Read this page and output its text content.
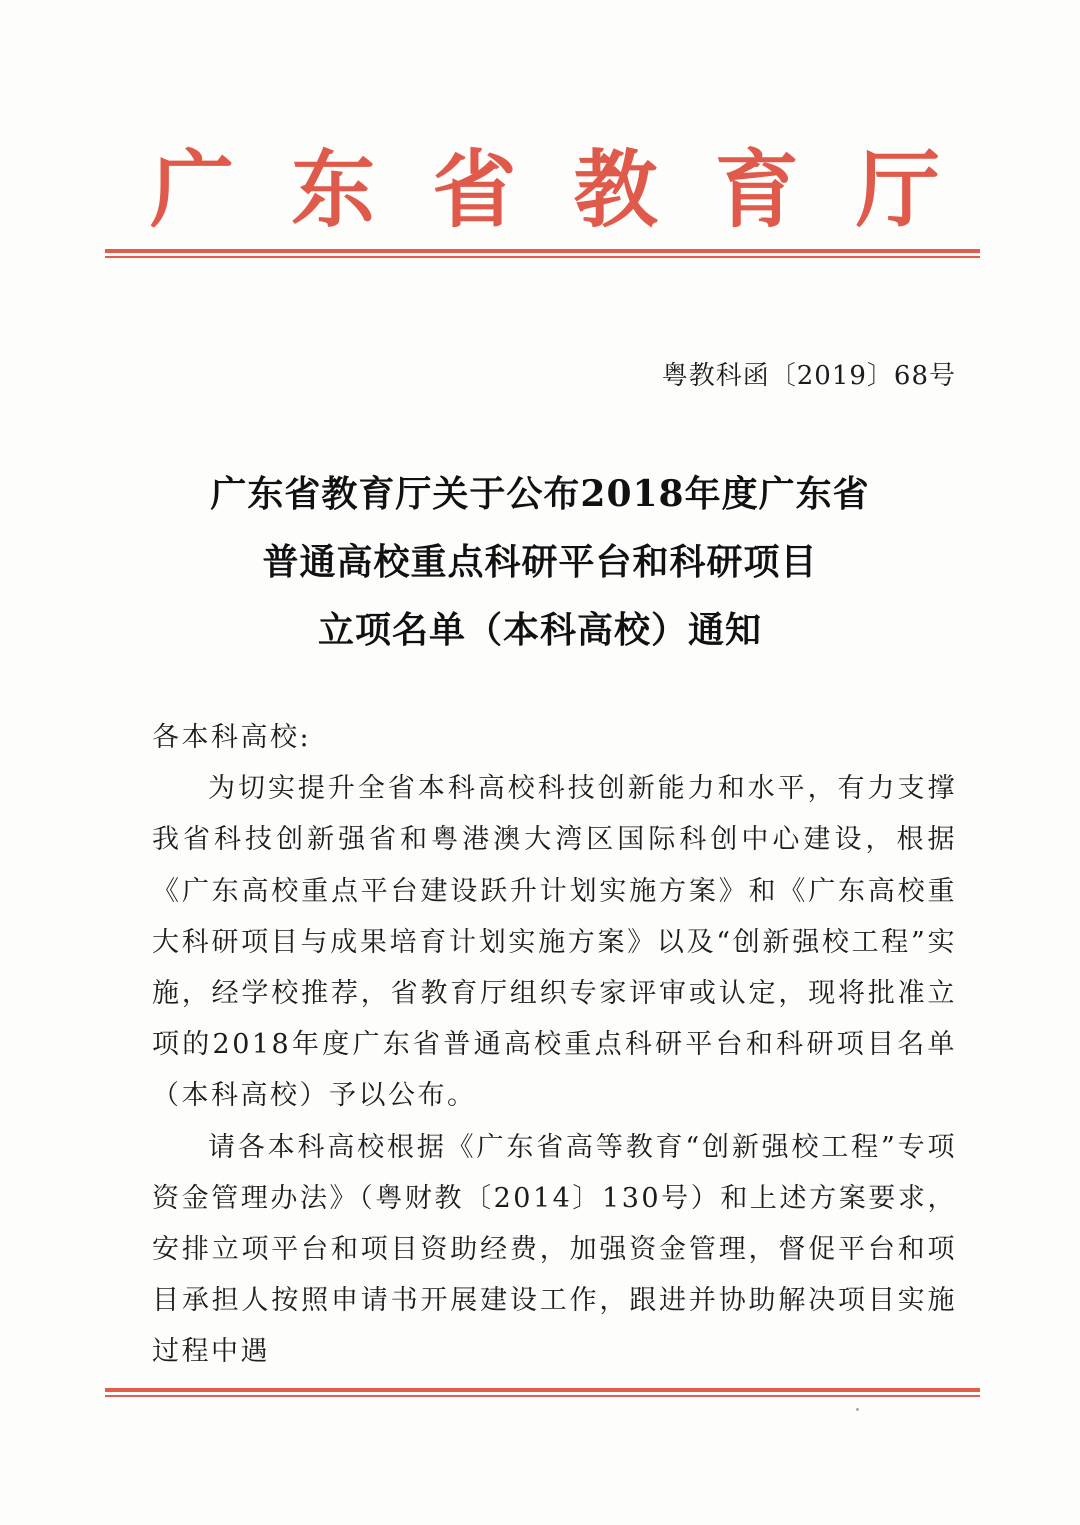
广 东 省 教 育 厅
粤教科函〔2019〕68号
广东省教育厅关于公布2018年度广东省
普通高校重点科研平台和科研项目
立项名单（本科高校）通知
各本科高校:
为切实提升全省本科高校科技创新能力和水平，有力支撑我省科技创新强省和粤港澳大湾区国际科创中心建设，根据《广东高校重点平台建设跃升计划实施方案》和《广东高校重大科研项目与成果培育计划实施方案》以及“创新强校工程”实施，经学校推荐，省教育厅组织专家评审或认定，现将批准立项的2018年度广东省普通高校重点科研平台和科研项目名单（本科高校）予以公布。
请各本科高校根据《广东省高等教育“创新强校工程”专项资金管理办法》（粤财教〔2014〕130号）和上述方案要求，安排立项平台和项目资助经费，加强资金管理，督促平台和项目承担人按照申请书开展建设工作，跟进并协助解决项目实施过程中遇
